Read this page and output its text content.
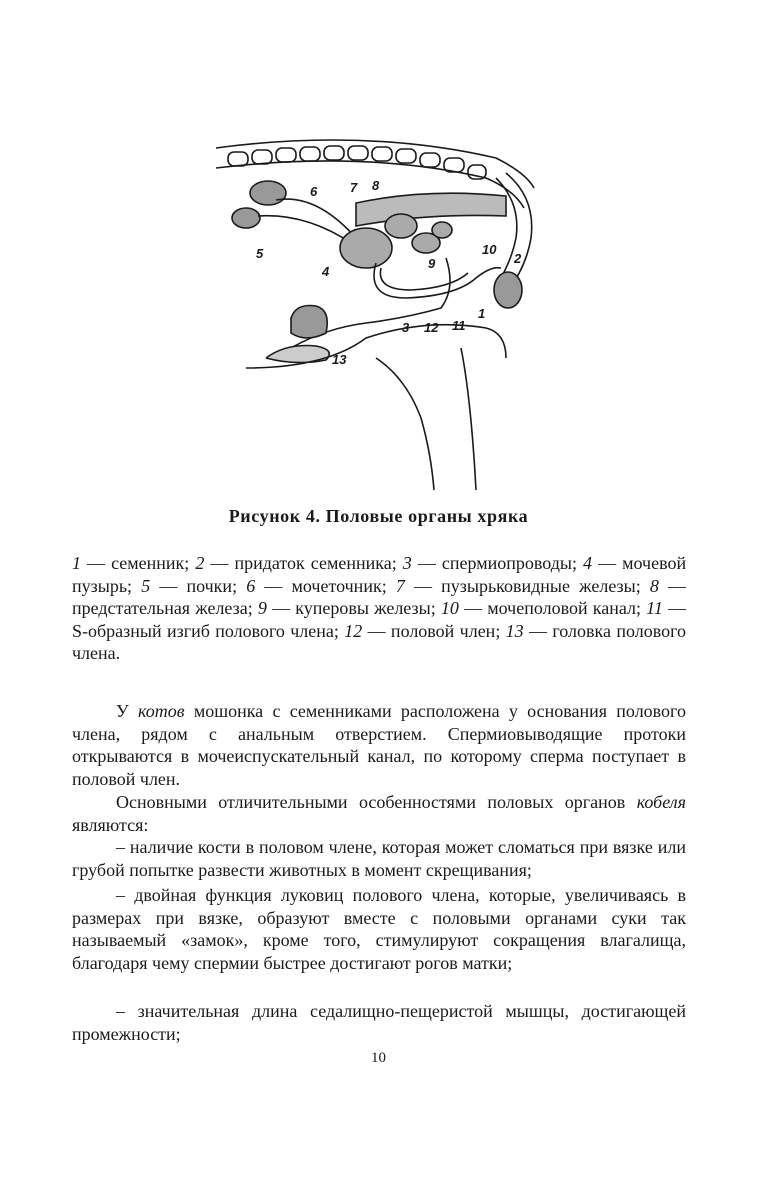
2
1
3
4
5
6	7 8
9
10
11
12
13
Рисунок 4. Половые органы хряка
1 — семенник; 2 — придаток семенника; 3 — спермиопроводы; 4 — мочевой пузырь; 5 — почки; 6 — мочеточник; 7 — пузырьковидные железы; 8 — предстательная железа; 9 — куперовы железы; 10 — мочеполовой канал; 11 — S-образный изгиб полового члена; 12 — половой член; 13 — головка полового члена.
У котов мошонка с семенниками расположена у основания полового члена, рядом с анальным отверстием. Спермиовыводящие протоки открываются в мочеиспускательный канал, по которому сперма поступает в половой член.
Основными отличительными особенностями половых органов кобеля являются:
– наличие кости в половом члене, которая может сломаться при вязке или грубой попытке развести животных в момент скрещивания;
– двойная функция луковиц полового члена, которые, увеличиваясь в размерах при вязке, образуют вместе с половыми органами суки так называемый «замок», кроме того, стимулируют сокращения влагалища, благодаря чему спермии быстрее достигают рогов матки;
– значительная длина седалищно-пещеристой мышцы, достигающей промежности;
10
